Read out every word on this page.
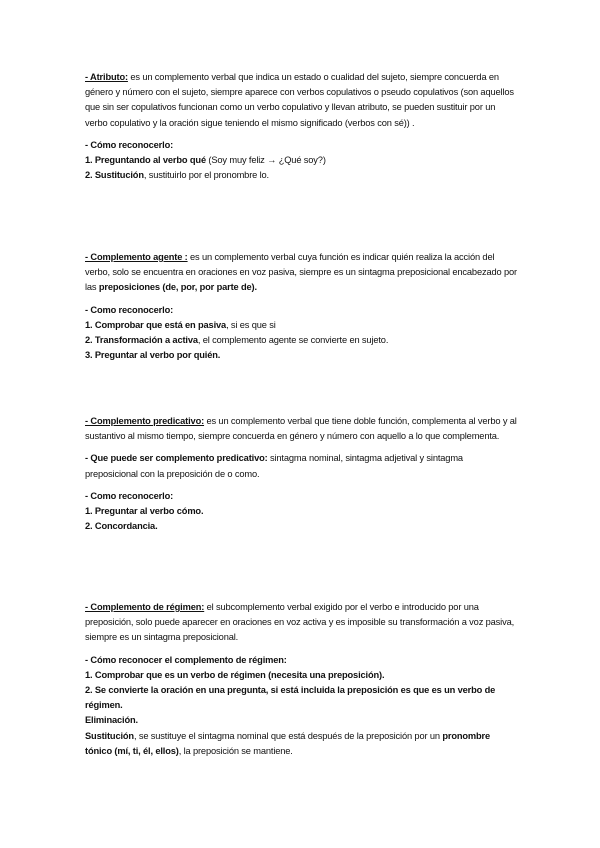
- Atributo: es un complemento verbal que indica un estado o cualidad del sujeto, siempre concuerda en género y número con el sujeto, siempre aparece con verbos copulativos o pseudo copulativos (son aquellos que sin ser copulativos funcionan como un verbo copulativo y llevan atributo, se pueden sustituir por un verbo copulativo y la oración sigue teniendo el mismo significado (verbos con sé)) .

- Cómo reconocerlo:

1. Preguntando al verbo qué (Soy muy feliz → ¿Qué soy?)

2. Sustitución, sustituirlo por el pronombre lo.

- Complemento agente : es un complemento verbal cuya función es indicar quién realiza la acción del verbo, solo se encuentra en oraciones en voz pasiva, siempre es un sintagma preposicional encabezado por las preposiciones (de, por, por parte de).

- Como reconocerlo:

1. Comprobar que está en pasiva, si es que si

2. Transformación a activa, el complemento agente se convierte en sujeto.

3. Preguntar al verbo por quién.

- Complemento predicativo: es un complemento verbal que tiene doble función, complementa al verbo y al sustantivo al mismo tiempo, siempre concuerda en género y número con aquello a lo que complementa.

- Que puede ser complemento predicativo: sintagma nominal, sintagma adjetival y sintagma preposicional con la preposición de o como.

- Como reconocerlo:

1. Preguntar al verbo cómo.

2. Concordancia.

- Complemento de régimen: el subcomplemento verbal exigido por el verbo e introducido por una preposición, solo puede aparecer en oraciones en voz activa y es imposible su transformación a voz pasiva, siempre es un sintagma preposicional.

- Cómo reconocer el complemento de régimen:

1. Comprobar que es un verbo de régimen (necesita una preposición).

2. Se convierte la oración en una pregunta, si está incluida la preposición es que es un verbo de régimen.

Eliminación.

Sustitución, se sustituye el sintagma nominal que está después de la preposición por un pronombre tónico (mí, ti, él, ellos), la preposición se mantiene.
